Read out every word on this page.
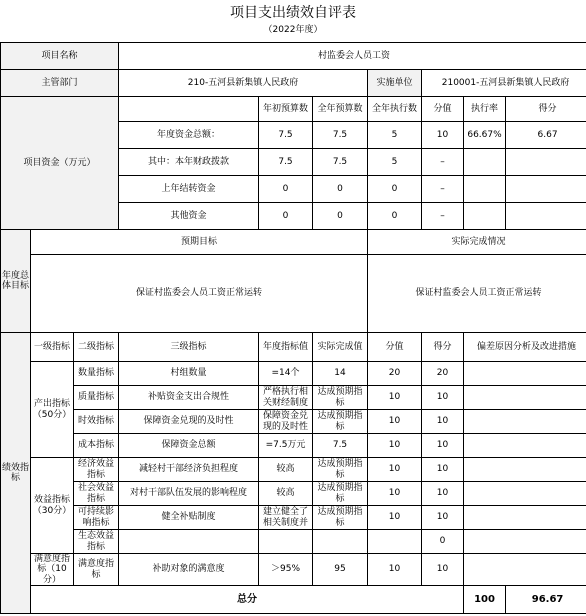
项目支出绩效自评表
（2022年度）
项目名称			村监委会人员工资							
主管部门			210-五河县新集镇人民政府			实施单位	210001-五河县新集镇人民政府			
项目资金（万元）				年初预算数	全年预算数	全年执行数	分值	执行率	得分	
			年度资金总额：	7.5	7.5	5	10	66.67%	6.67	
			其中：本年财政拨款	7.5	7.5	5	–			
			上年结转资金	0	0	0	–			
			其他资金	0	0	0	–			
年度总体目标	预期目标					实际完成情况				
	保证村监委会人员工资正常运转					保证村监委会人员工资正常运转				
绩效指标	一级指标	二级指标	三级指标	年度指标值	实际完成值	分值	得分	偏差原因分析及改进措施		
	产出指标（50分）	数量指标	村组数量	=14个	14	20	20			
		质量指标	补贴资金支出合规性	严格执行相关财经制度	达成预期指标	10	10			
		时效指标	保障资金兑现的及时性	保障资金兑现的及时性	达成预期指标	10	10			
		成本指标	保障资金总额	=7.5万元	7.5	10	10			
	效益指标（30分）	经济效益指标	减轻村干部经济负担程度	较高	达成预期指标	10	10			
		社会效益指标	对村干部队伍发展的影响程度	较高	达成预期指标	10	10			
		可持续影响指标	健全补贴制度	建立健全了相关制度并	达成预期指标	10	10			
		生态效益指标					0			
	满意度指标（10分）	满意度指标	补助对象的满意度	＞95%	95	10	10			
	总分							100	96.67	
